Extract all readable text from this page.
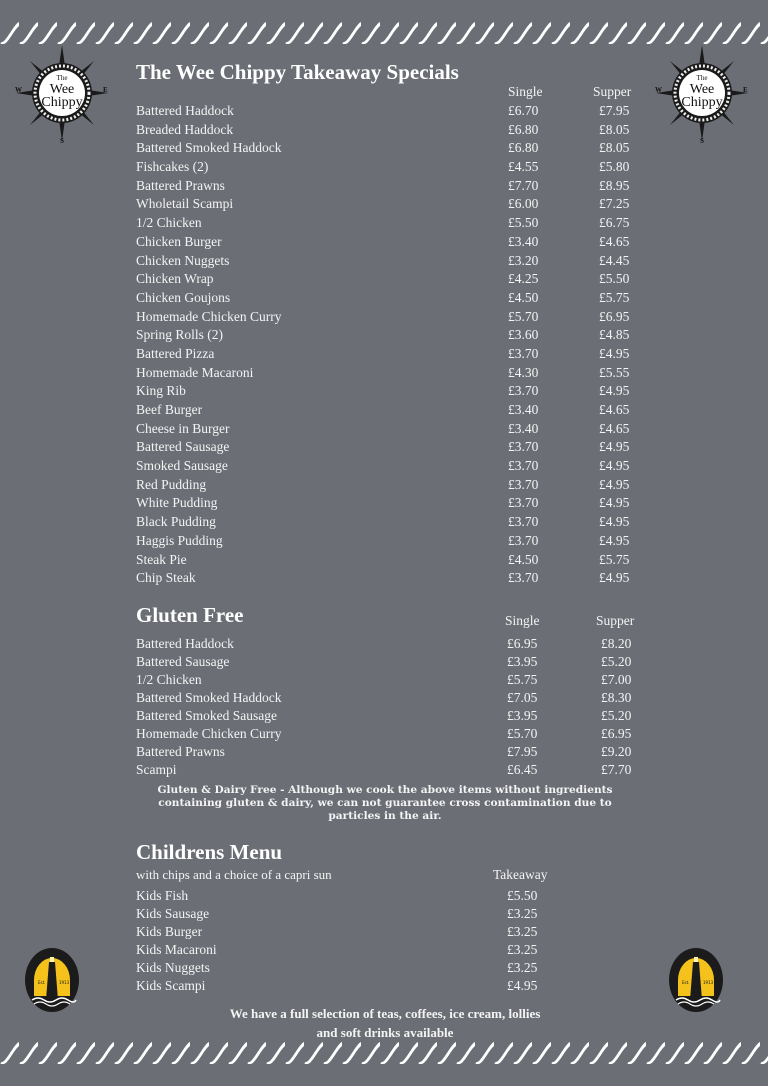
The
Wee
Chippy
W	E
S
The
Wee
Chippy
W	E
S
The Wee Chippy Takeaway Specials
Single	Supper
Battered Haddock	£6.70	£7.95
Breaded Haddock	£6.80	£8.05
Battered Smoked Haddock	£6.80	£8.05
Fishcakes (2)	£4.55	£5.80
Battered Prawns	£7.70	£8.95
Wholetail Scampi	£6.00	£7.25
1/2 Chicken	£5.50	£6.75
Chicken Burger	£3.40	£4.65
Chicken Nuggets	£3.20	£4.45
Chicken Wrap	£4.25	£5.50
Chicken Goujons	£4.50	£5.75
Homemade Chicken Curry	£5.70	£6.95
Spring Rolls (2)	£3.60	£4.85
Battered Pizza	£3.70	£4.95
Homemade Macaroni	£4.30	£5.55
King Rib	£3.70	£4.95
Beef Burger	£3.40	£4.65
Cheese in Burger	£3.40	£4.65
Battered Sausage	£3.70	£4.95
Smoked Sausage	£3.70	£4.95
Red Pudding	£3.70	£4.95
White Pudding	£3.70	£4.95
Black Pudding	£3.70	£4.95
Haggis Pudding	£3.70	£4.95
Steak Pie	£4.50	£5.75
Chip Steak	£3.70	£4.95
Gluten Free	Single	Supper
Battered Haddock	£6.95	£8.20
Battered Sausage	£3.95	£5.20
1/2 Chicken	£5.75	£7.00
Battered Smoked Haddock	£7.05	£8.30
Battered Smoked Sausage	£3.95	£5.20
Homemade Chicken Curry	£5.70	£6.95
Battered Prawns	£7.95	£9.20
Scampi	£6.45	£7.70
Gluten & Dairy Free - Although we cook the above items without ingredients containing gluten & dairy, we can not guarantee cross contamination due to particles in the air.
Childrens Menu
with chips and a choice of a capri sun	Takeaway
Kids Fish	£5.50
Kids Sausage	£3.25
Kids Burger	£3.25
Kids Macaroni	£3.25
Kids Nuggets	£3.25
Kids Scampi	£4.95
Est.	1913	Est.	1913
We have a full selection of teas, coffees, ice cream, lollies
and soft drinks available
